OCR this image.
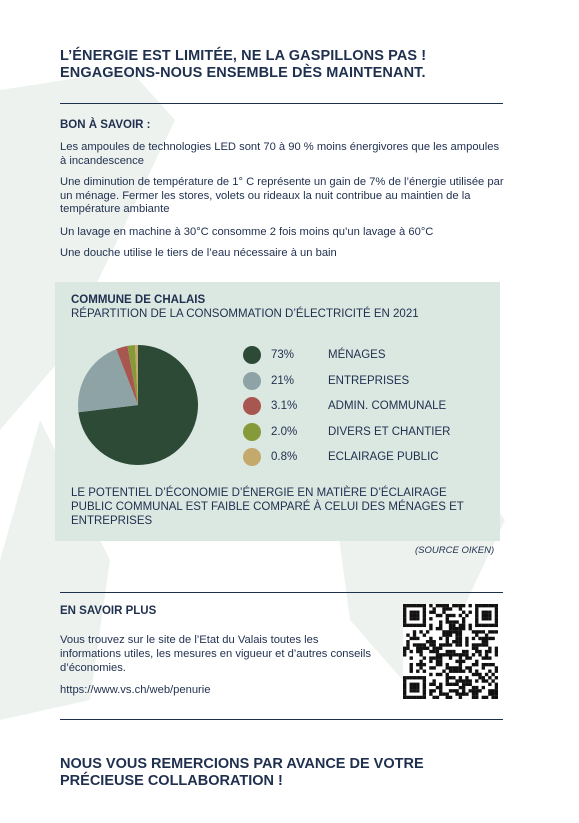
L’ÉNERGIE EST LIMITÉE, NE LA GASPILLONS PAS !
ENGAGEONS-NOUS ENSEMBLE DÈS MAINTENANT.
BON À SAVOIR :
Les ampoules de technologies LED sont 70 à 90 % moins énergivores que les ampoules à incandescence
Une diminution de température de 1° C représente un gain de 7% de l’énergie utilisée par un ménage. Fermer les stores, volets ou rideaux la nuit contribue au maintien de la température ambiante
Un lavage en machine à 30°C consomme 2 fois moins qu’un lavage à 60°C
Une douche utilise le tiers de l’eau nécessaire à un bain
COMMUNE DE CHALAIS
RÉPARTITION DE LA CONSOMMATION D’ÉLECTRICITÉ EN 2021
73%	MÉNAGES
21%	ENTREPRISES
3.1%	ADMIN. COMMUNALE
2.0%	DIVERS ET CHANTIER
0.8%	ECLAIRAGE PUBLIC
LE POTENTIEL D’ÉCONOMIE D’ÉNERGIE EN MATIÈRE D’ÉCLAIRAGE PUBLIC COMMUNAL EST FAIBLE COMPARÉ À CELUI DES MÉNAGES ET ENTREPRISES
(SOURCE OIKEN)
EN SAVOIR PLUS
Vous trouvez sur le site de l’Etat du Valais toutes les informations utiles, les mesures en vigueur et d’autres conseils d’économies.
https://www.vs.ch/web/penurie
NOUS VOUS REMERCIONS PAR AVANCE DE VOTRE
PRÉCIEUSE COLLABORATION !
